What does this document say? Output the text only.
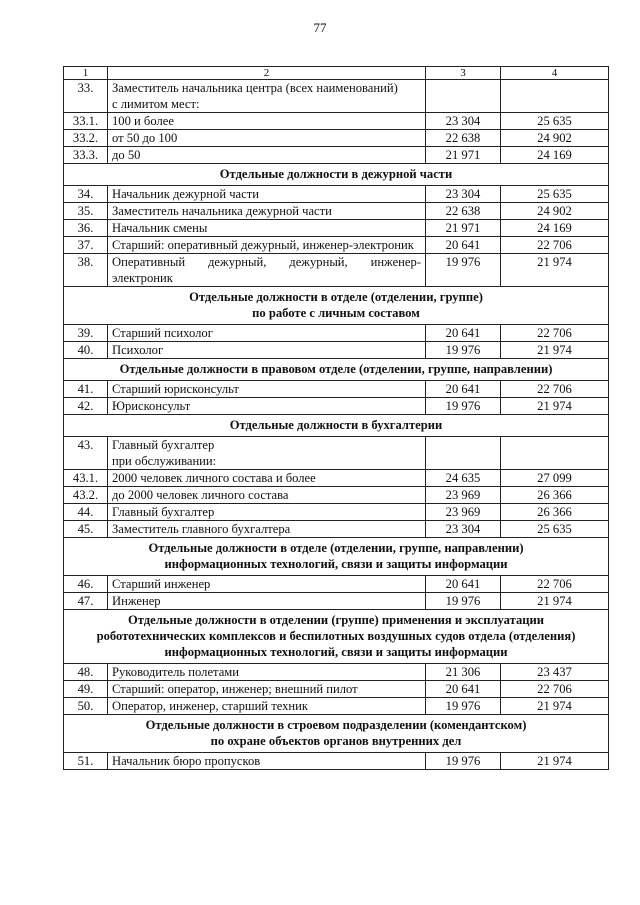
77
1	2	3	4
33.	Заместитель начальника центра (всех наименований)
с лимитом мест:		
33.1.	100 и более	23 304	25 635
33.2.	от 50 до 100	22 638	24 902
33.3.	до 50	21 971	24 169
Отдельные должности в дежурной части			
34.	Начальник дежурной части	23 304	25 635
35.	Заместитель начальника дежурной части	22 638	24 902
36.	Начальник смены	21 971	24 169
37.	Старший: оперативный дежурный, инженер-электроник	20 641	22 706
38.	Оперативный дежурный, дежурный, инженер-электроник	19 976	21 974
Отдельные должности в отделе (отделении, группе)
по работе с личным составом			
39.	Старший психолог	20 641	22 706
40.	Психолог	19 976	21 974
Отдельные должности в правовом отделе (отделении, группе, направлении)			
41.	Старший юрисконсульт	20 641	22 706
42.	Юрисконсульт	19 976	21 974
Отдельные должности в бухгалтерии			
43.	Главный бухгалтер
при обслуживании:		
43.1.	2000 человек личного состава и более	24 635	27 099
43.2.	до 2000 человек личного состава	23 969	26 366
44.	Главный бухгалтер	23 969	26 366
45.	Заместитель главного бухгалтера	23 304	25 635
Отдельные должности в отделе (отделении, группе, направлении)
информационных технологий, связи и защиты информации			
46.	Старший инженер	20 641	22 706
47.	Инженер	19 976	21 974
Отдельные должности в отделении (группе) применения и эксплуатации робототехнических комплексов и беспилотных воздушных судов отдела (отделения) информационных технологий, связи и защиты информации			
48.	Руководитель полетами	21 306	23 437
49.	Старший: оператор, инженер; внешний пилот	20 641	22 706
50.	Оператор, инженер, старший техник	19 976	21 974
Отдельные должности в строевом подразделении (комендантском)
по охране объектов органов внутренних дел			
51.	Начальник бюро пропусков	19 976	21 974
